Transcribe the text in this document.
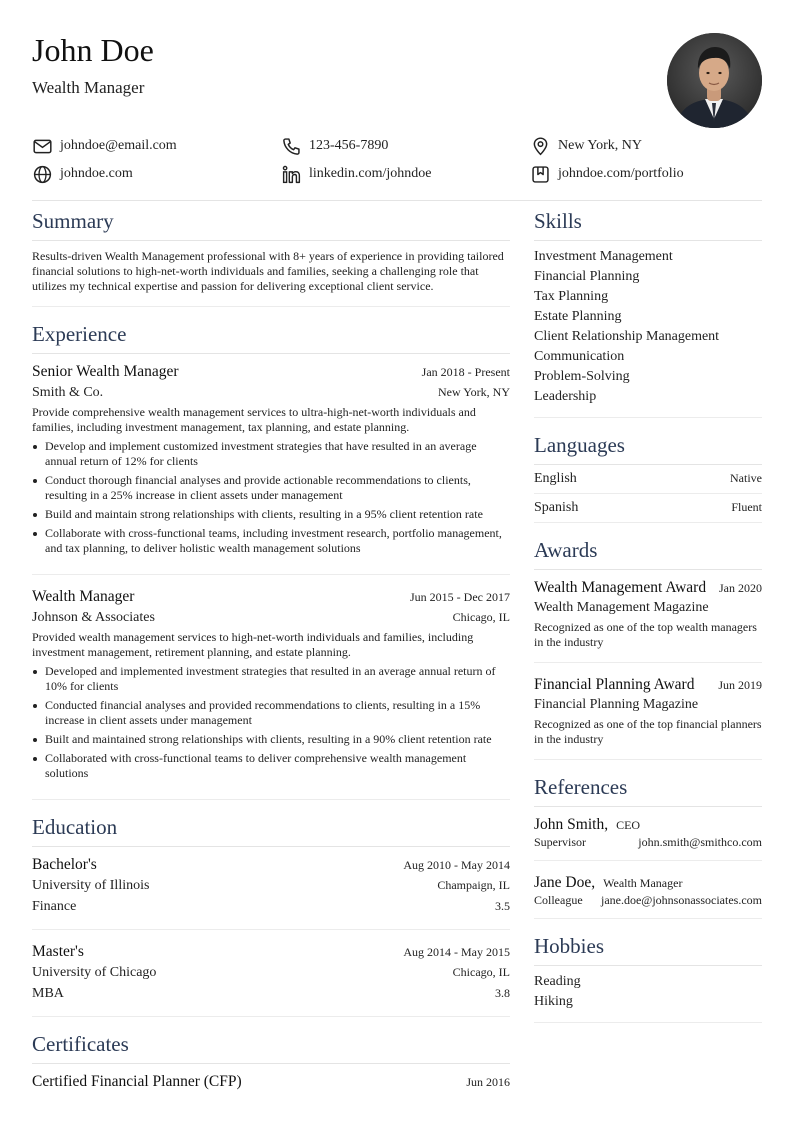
John Doe
Wealth Manager
johndoe@email.com	123-456-7890	New York, NY
johndoe.com	linkedin.com/johndoe	johndoe.com/portfolio
Summary

Results-driven Wealth Management professional with 8+ years of experience in providing tailored financial solutions to high-net-worth individuals and families, seeking a challenging role that utilizes my technical expertise and passion for delivering exceptional client service.

Experience
Senior Wealth Manager	Jan 2018 - Present
Smith & Co.	New York, NY

Provide comprehensive wealth management services to ultra-high-net-worth individuals and families, including investment management, tax planning, and estate planning.

Develop and implement customized investment strategies that have resulted in an average annual return of 12% for clients
Conduct thorough financial analyses and provide actionable recommendations to clients, resulting in a 25% increase in client assets under management
Build and maintain strong relationships with clients, resulting in a 95% client retention rate
Collaborate with cross-functional teams, including investment research, portfolio management, and tax planning, to deliver holistic wealth management solutions
Wealth Manager	Jun 2015 - Dec 2017
Johnson & Associates	Chicago, IL

Provided wealth management services to high-net-worth individuals and families, including investment management, retirement planning, and estate planning.

Developed and implemented investment strategies that resulted in an average annual return of 10% for clients
Conducted financial analyses and provided recommendations to clients, resulting in a 15% increase in client assets under management
Built and maintained strong relationships with clients, resulting in a 90% client retention rate
Collaborated with cross-functional teams to deliver comprehensive wealth management solutions
Education
Bachelor's	Aug 2010 - May 2014
University of Illinois	Champaign, IL
Finance	3.5
Master's	Aug 2014 - May 2015
University of Chicago	Chicago, IL
MBA	3.8
Certificates
Certified Financial Planner (CFP)	Jun 2016
Skills
Investment Management
Financial Planning
Tax Planning
Estate Planning
Client Relationship Management
Communication
Problem-Solving
Leadership
Languages
English	Native
Spanish	Fluent
Awards
Wealth Management Award Jan 2020
Wealth Management Magazine

Recognized as one of the top wealth managers in the industry

Financial Planning Award Jun 2019
Financial Planning Magazine

Recognized as one of the top financial planners in the industry

References
John Smith, CEO
Supervisor	john.smith@smithco.com
Jane Doe, Wealth Manager
Colleague jane.doe@johnsonassociates.com
Hobbies
Reading
Hiking
